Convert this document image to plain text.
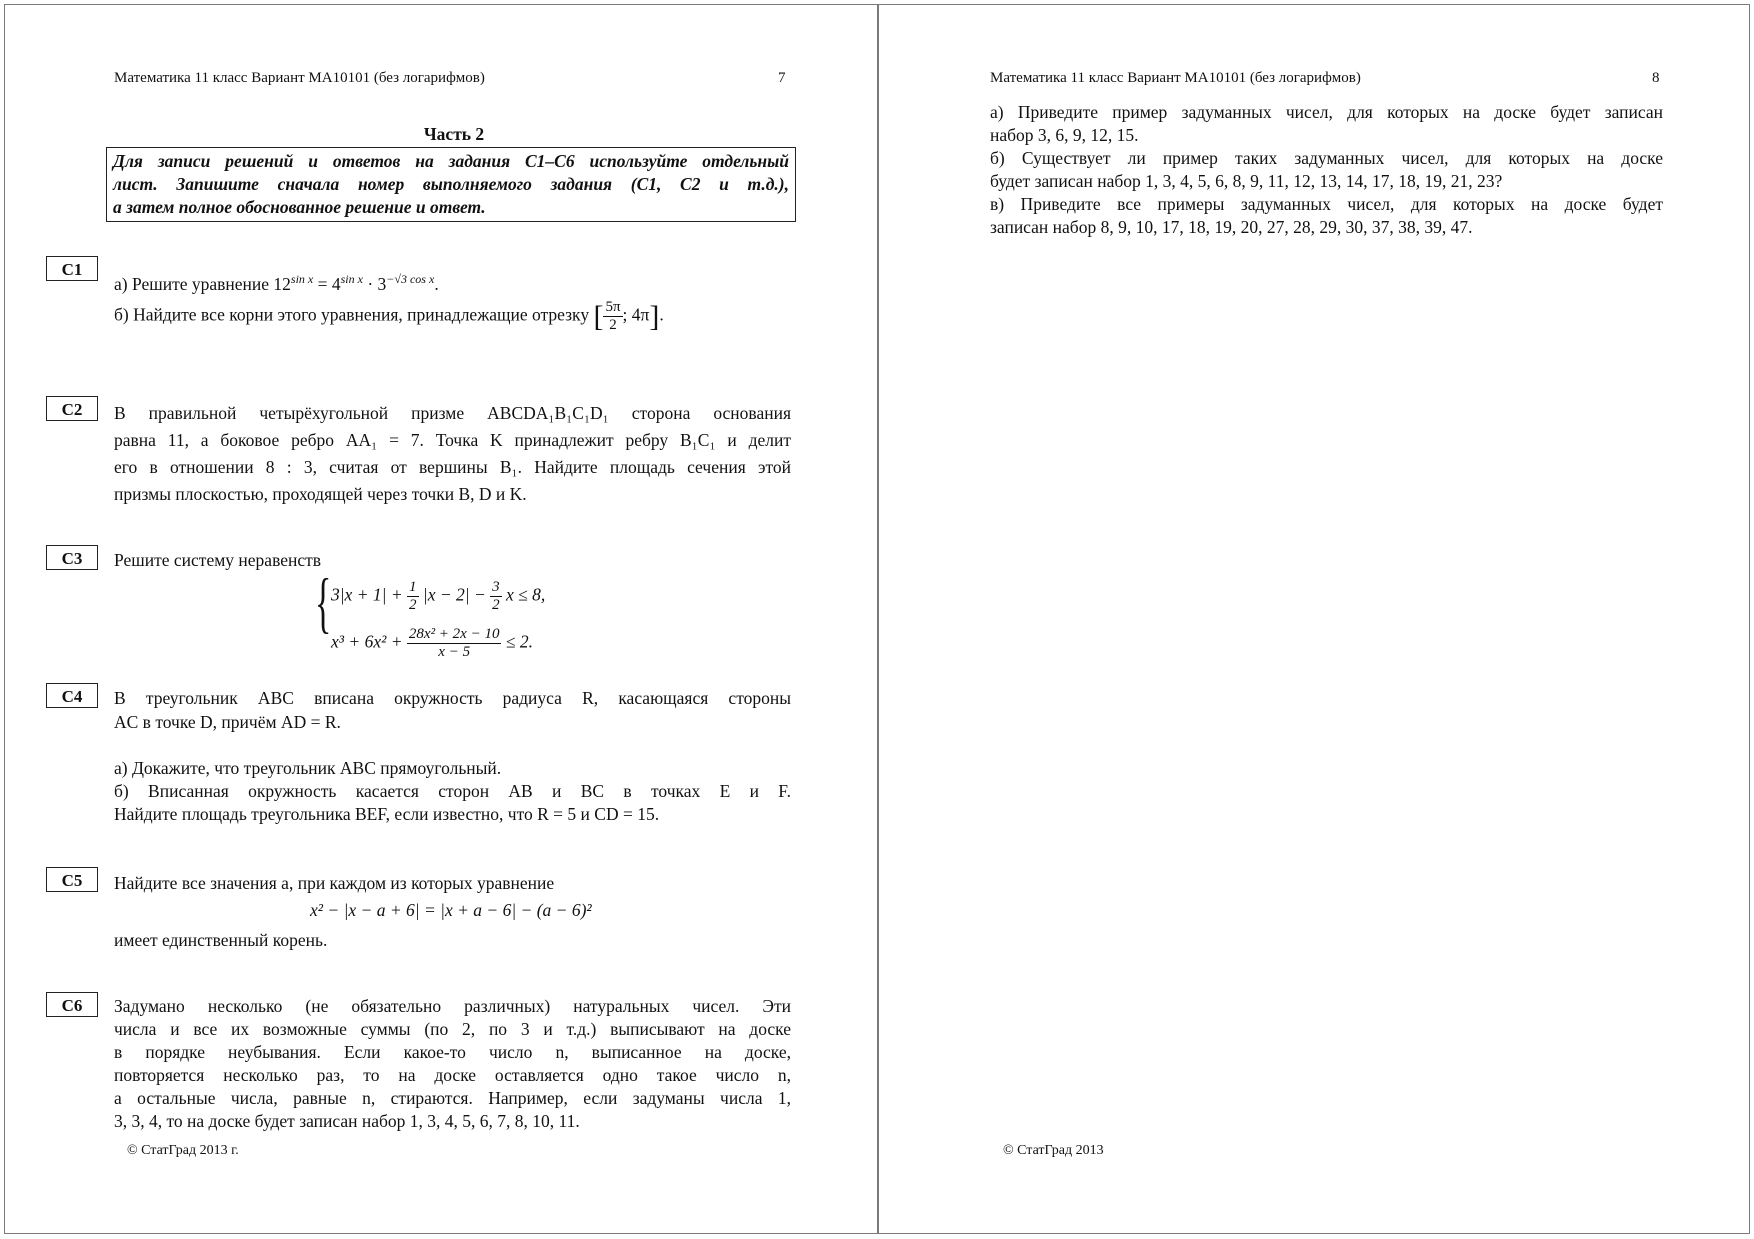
Математика 11 класс Вариант МА10101 (без логарифмов)	7
Часть 2
Для записи решений и ответов на задания С1–С6 используйте отдельный
лист. Запишите сначала номер выполняемого задания (С1, С2 и т.д.),
а затем полное обоснованное решение и ответ.
С1
а) Решите уравнение $12^{sin x} = 4^{sin x} \cdot 3^{-√3 cos x}$.
б) Найдите все корни этого уравнения, принадлежащие отрезку [ $\frac{5\pi}{2}$ ; 4π].
С2	В правильной четырёхугольной призме ABCDA₁B₁C₁D₁ сторона основания
равна 11, а боковое ребро AA₁ = 7. Точка K принадлежит ребру B₁C₁ и делит
его в отношении 8 : 3, считая от вершины B₁. Найдите площадь сечения этой
призмы плоскостью, проходящей через точки B, D и K.
С3	Решите систему неравенств
{ $3|x + 1| + \frac{1}{2} |x - 2| - \frac{3}{2}$ x ≤ 8,
$x^3 + 6x^2 + \frac{\text{28x² + 2x − 10}}{x - 5} \le 2$.
С4	В треугольник ABC вписана окружность радиуса R, касающаяся стороны
AC в точке D, причём AD = R.
а) Докажите, что треугольник ABC прямоугольный.
б) Вписанная окружность касается сторон AB и BC в точках E и F.
Найдите площадь треугольника BEF, если известно, что R = 5 и CD = 15.
С5	Найдите все значения a, при каждом из которых уравнение
x² − |x − a + 6| = |x + a − 6| − (a − 6)²
имеет единственный корень.
С6	Задумано несколько (не обязательно различных) натуральных чисел. Эти
числа и все их возможные суммы (по 2, по 3 и т.д.) выписывают на доске
в порядке неубывания. Если какое-то число n, выписанное на доске,
повторяется несколько раз, то на доске оставляется одно такое число n,
а остальные числа, равные n, стираются. Например, если задуманы числа 1,
3, 3, 4, то на доске будет записан набор 1, 3, 4, 5, 6, 7, 8, 10, 11.
© СтатГрад 2013 г.
Математика 11 класс Вариант МА10101 (без логарифмов)	8
а) Приведите пример задуманных чисел, для которых на доске будет записан
набор 3, 6, 9, 12, 15.
б) Существует ли пример таких задуманных чисел, для которых на доске
будет записан набор 1, 3, 4, 5, 6, 8, 9, 11, 12, 13, 14, 17, 18, 19, 21, 23?
в) Приведите все примеры задуманных чисел, для которых на доске будет
записан набор 8, 9, 10, 17, 18, 19, 20, 27, 28, 29, 30, 37, 38, 39, 47.
© СтатГрад 2013
